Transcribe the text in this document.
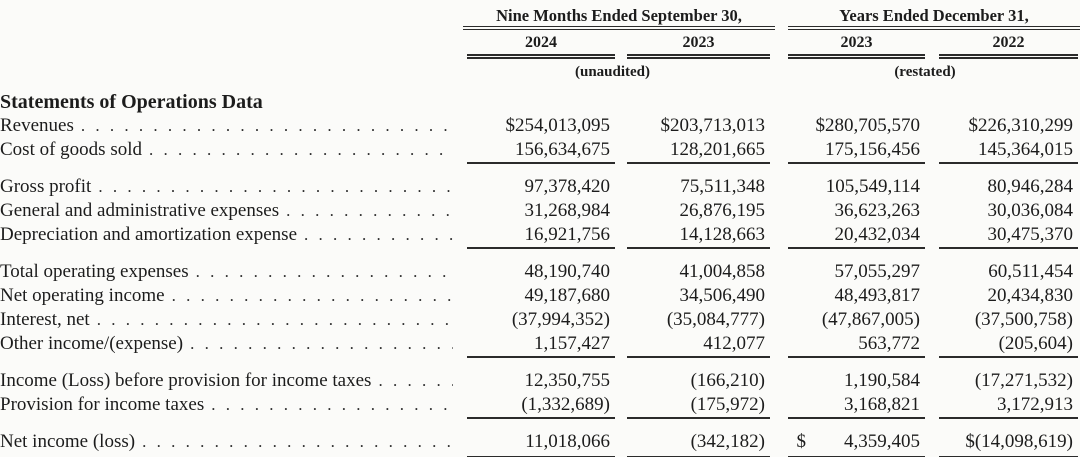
Nine Months Ended September 30,	Years Ended December 31,
2024	2023	2023	2022
(unaudited)	(restated)
Statements of Operations Data
Revenues . . .	$254,013,095	$203,713,013	$280,705,570	$226,310,299
Cost of goods sold . . .	156,634,675	128,201,665	175,156,456	145,364,015
Gross profit . . .	97,378,420	75,511,348	105,549,114	80,946,284
General and administrative expenses . . .	31,268,984	26,876,195	36,623,263	30,036,084
Depreciation and amortization expense . . .	16,921,756	14,128,663	20,432,034	30,475,370
Total operating expenses . . .	48,190,740	41,004,858	57,055,297	60,511,454
Net operating income . . .	49,187,680	34,506,490	48,493,817	20,434,830
Interest, net . . .	(37,994,352)	(35,084,777)	(47,867,005)	(37,500,758)
Other income/(expense) . . .	1,157,427	412,077	563,772	(205,604)
Income (Loss) before provision for income taxes . . .	12,350,755	(166,210)	1,190,584	(17,271,532)
Provision for income taxes . . .	(1,332,689)	(175,972)	3,168,821	3,172,913
Net income (loss) . . .	11,018,066	(342,182)	$        4,359,405	$(14,098,619)
